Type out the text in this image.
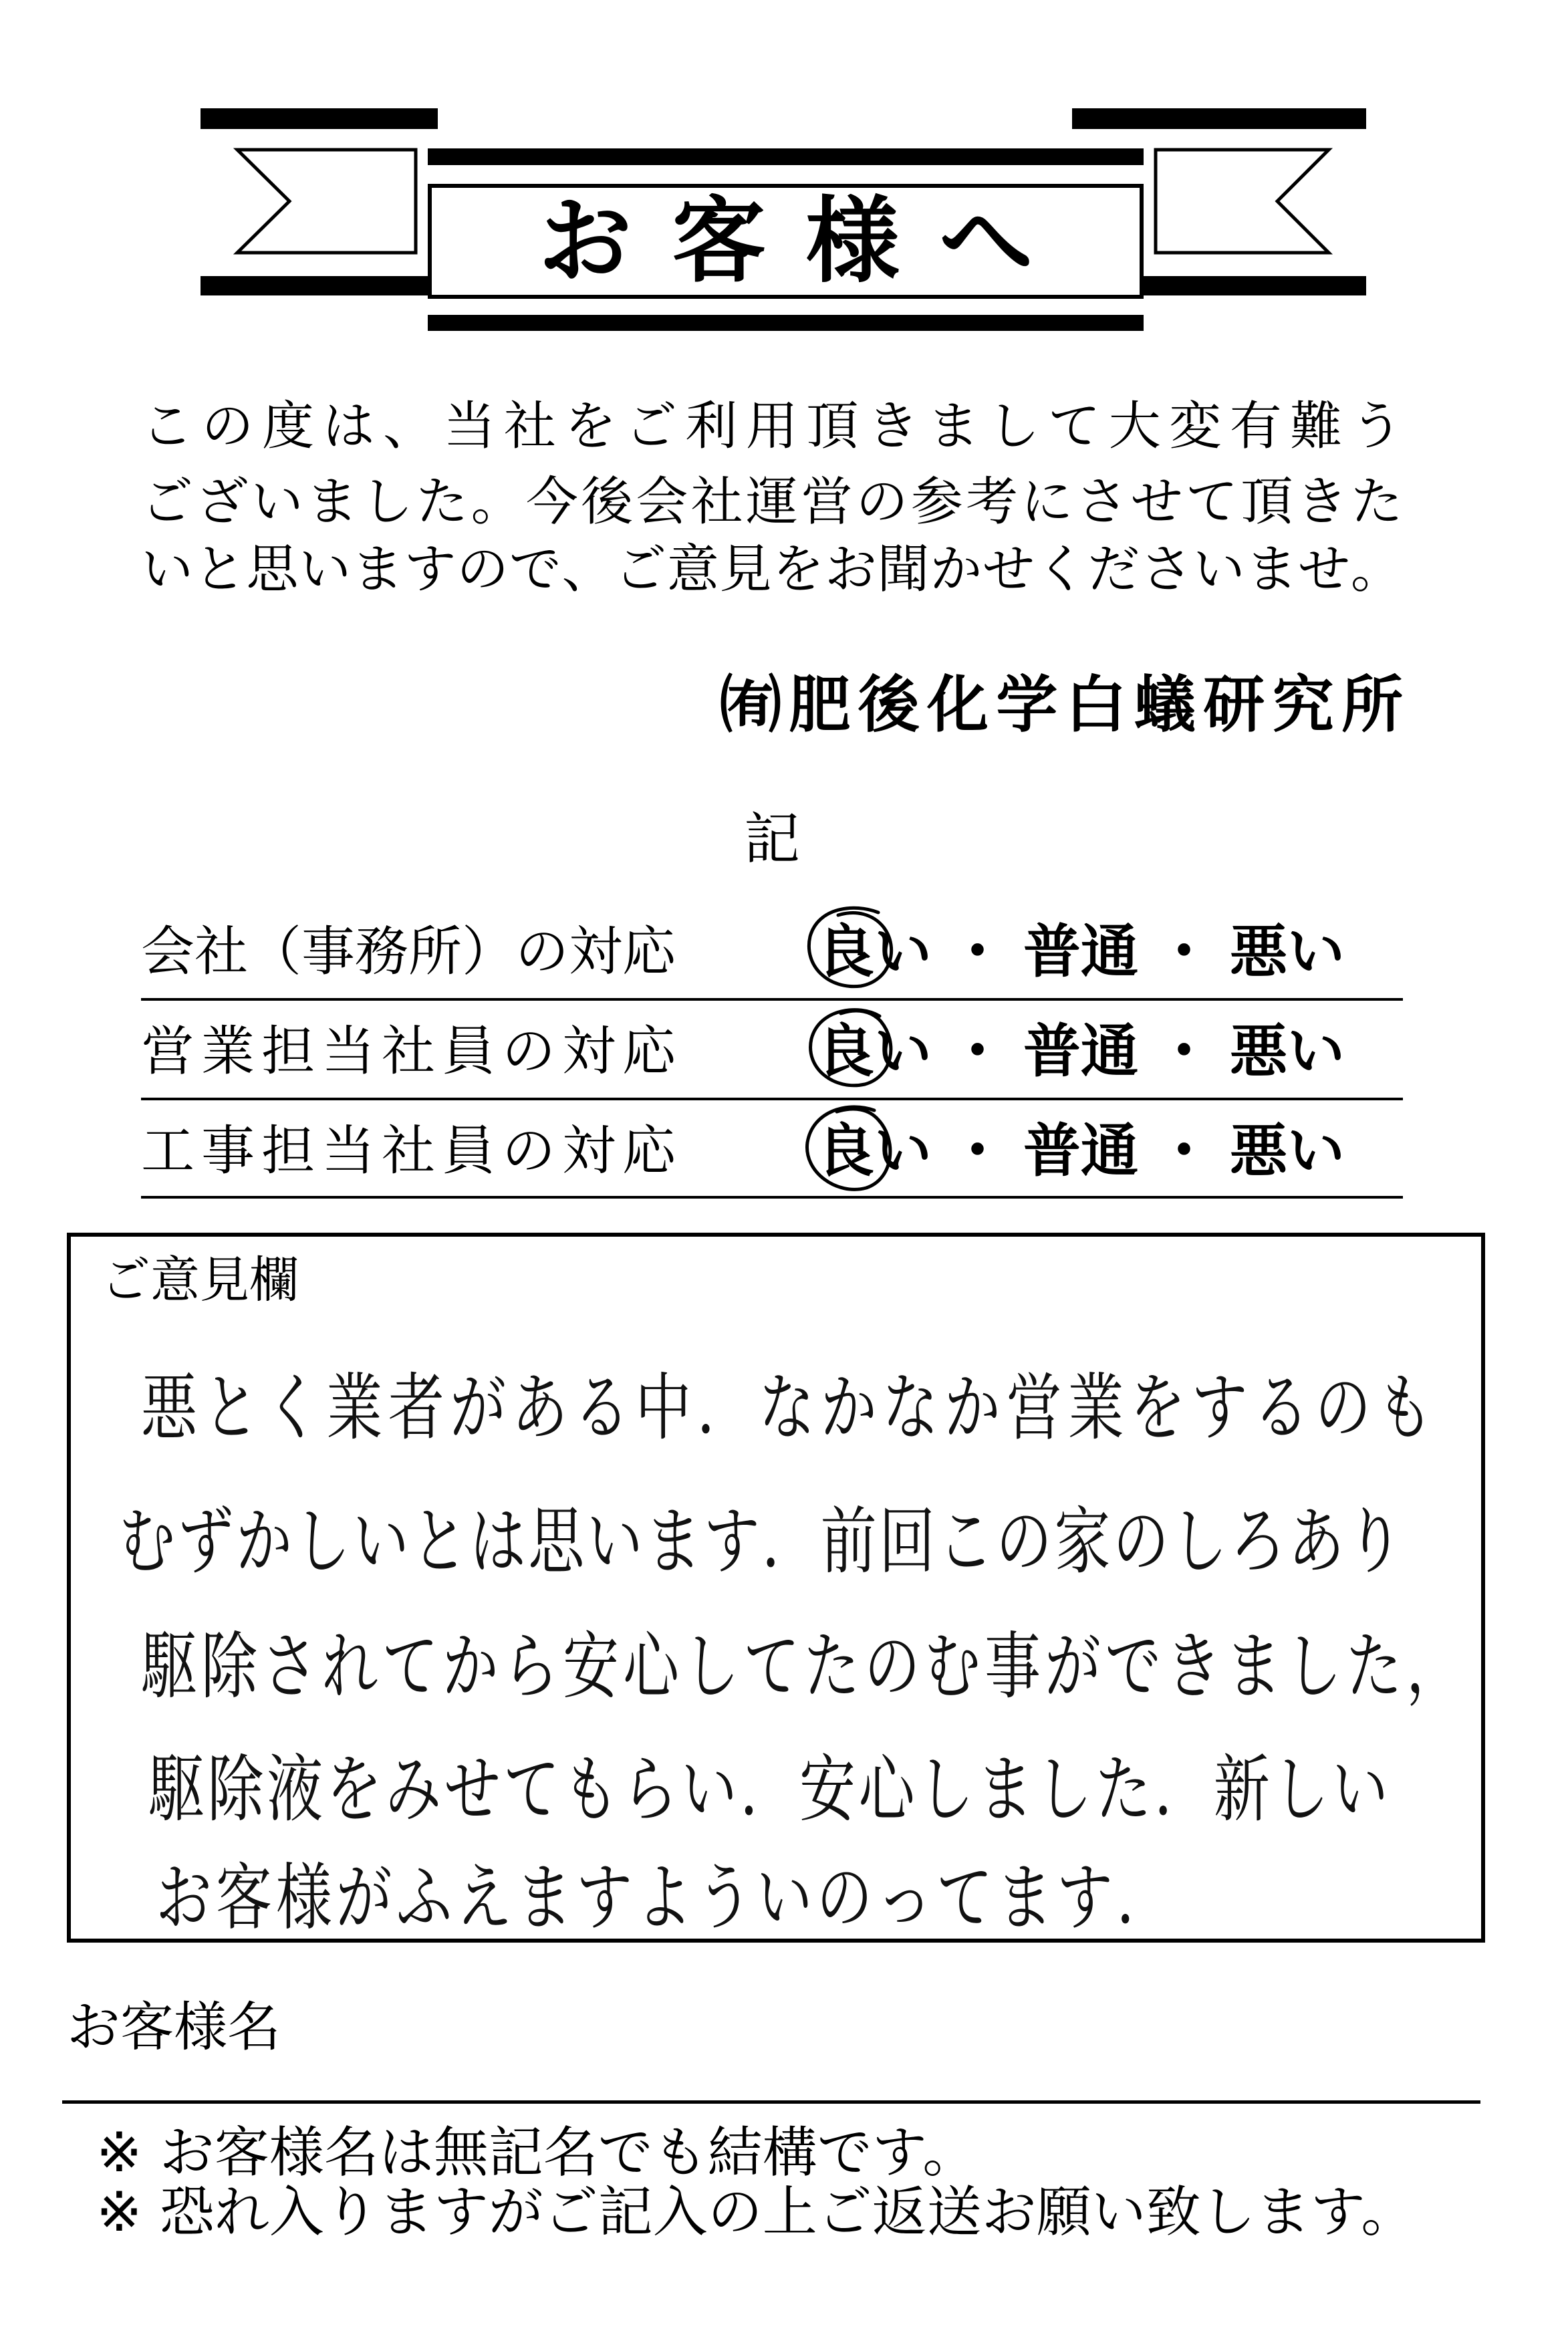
お客様へ
こ の 度 は 、 当 社 を ご 利 用 頂 き ま し て 大 変 有 難 う
ご ざ い ま し た 。 今 後 会 社 運 営 の 参 考 に さ せ て 頂 き た
い と 思 い ま す の で 、 ご 意 見 を お 聞 か せ く だ さ い ま せ 。
㈲ 肥 後 化 学 白 蟻 研 究 所
記
会 社 （ 事 務 所 ） の 対 応 良い ・ 普通 ・ 悪い
営 業 担 当 社 員 の 対 応 良い ・ 普通 ・ 悪い
工 事 担 当 社 員 の 対 応 良い ・ 普通 ・ 悪い
ご意見欄
悪 と く 業 者 が あ る 中 ． な か な か 営 業 を す る の も
む ず か し い と は 思 い ま す ． 前 回 こ の 家 の し ろ あ り
駆 除 さ れ て か ら 安 心 し て た の む 事 が で き ま し た ，
駆 除 液 を み せ て も ら い ． 安 心 し ま し た ． 新 し い
お 客 様 が ふ え ま す よ う い の っ て ま す ．
お客様名
※ お客様名は無記名でも結構です。
※ 恐れ入りますがご記入の上ご返送お願い致します。
